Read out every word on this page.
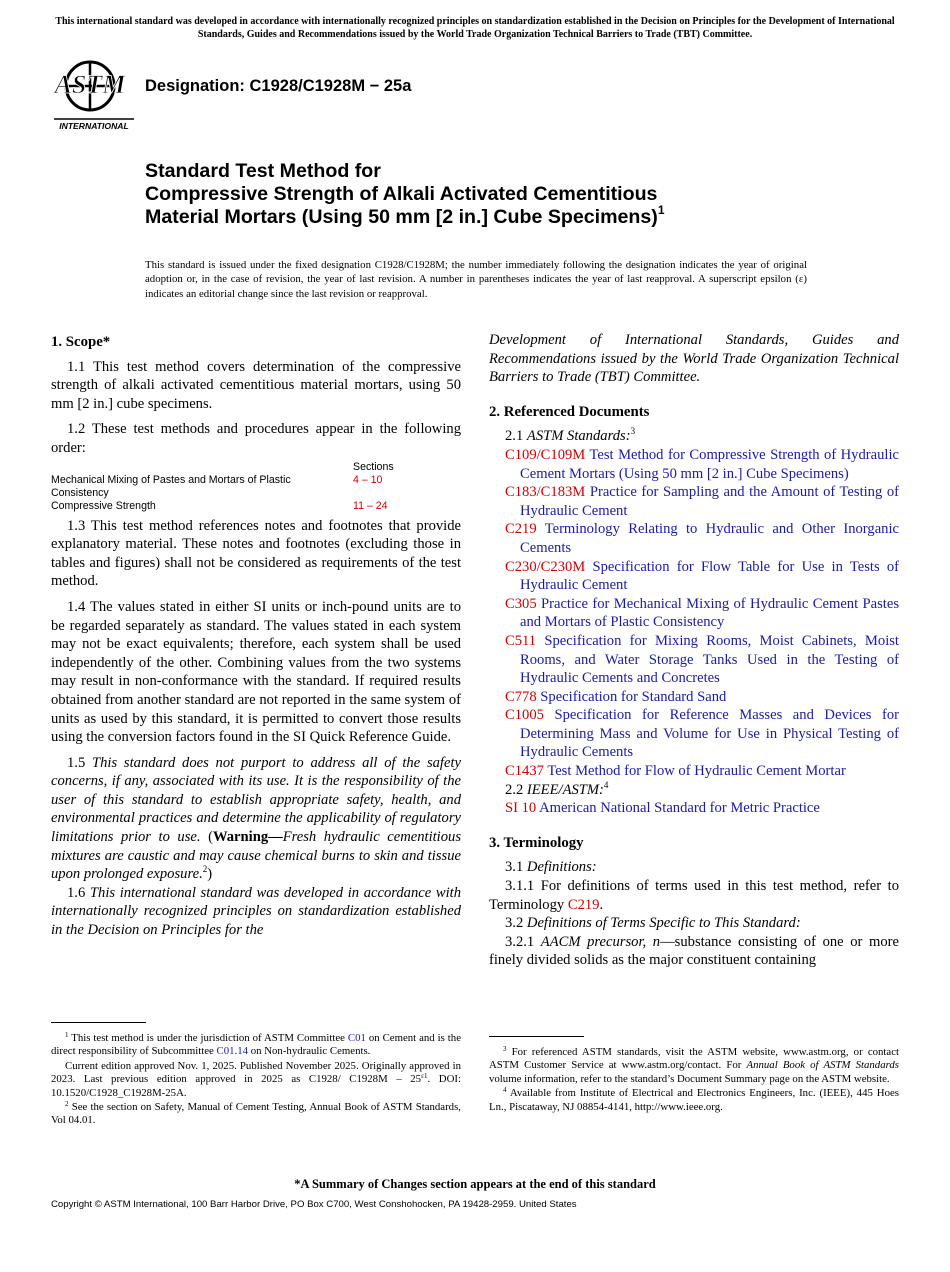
This international standard was developed in accordance with internationally recognized principles on standardization established in the Decision on Principles for the Development of International Standards, Guides and Recommendations issued by the World Trade Organization Technical Barriers to Trade (TBT) Committee.
ASTM
INTERNATIONAL
Designation: C1928/C1928M − 25a
Standard Test Method for
Compressive Strength of Alkali Activated Cementitious
Material Mortars (Using 50 mm [2 in.] Cube Specimens)$^1$
This standard is issued under the fixed designation C1928/C1928M; the number immediately following the designation indicates the year of original adoption or, in the case of revision, the year of last revision. A number in parentheses indicates the year of last reapproval. A superscript epsilon (ε) indicates an editorial change since the last revision or reapproval.

1. Scope*

1.1 This test method covers determination of the compressive strength of alkali activated cementitious material mortars, using 50 mm [2 in.] cube specimens.

1.2 These test methods and procedures appear in the following order:

	Sections
Mechanical Mixing of Pastes and Mortars of Plastic Consistency	4 – 10
Compressive Strength	11 – 24

1.3 This test method references notes and footnotes that provide explanatory material. These notes and footnotes (excluding those in tables and figures) shall not be considered as requirements of the test method.

1.4 The values stated in either SI units or inch-pound units are to be regarded separately as standard. The values stated in each system may not be exact equivalents; therefore, each system shall be used independently of the other. Combining values from the two systems may result in non-conformance with the standard. If required results obtained from another standard are not reported in the same system of units as used by this standard, it is permitted to convert those results using the conversion factors found in the SI Quick Reference Guide.

1.5 This standard does not purport to address all of the safety concerns, if any, associated with its use. It is the responsibility of the user of this standard to establish appropriate safety, health, and environmental practices and determine the applicability of regulatory limitations prior to use. (Warning—Fresh hydraulic cementitious mixtures are caustic and may cause chemical burns to skin and tissue upon prolonged exposure.$^2$)

1.6 This international standard was developed in accordance with internationally recognized principles on standardization established in the Decision on Principles for the

Development of International Standards, Guides and Recommendations issued by the World Trade Organization Technical Barriers to Trade (TBT) Committee.

2. Referenced Documents

2.1 ASTM Standards:$^3$

C109/C109M Test Method for Compressive Strength of Hydraulic Cement Mortars (Using 50 mm [2 in.] Cube Specimens)

C183/C183M Practice for Sampling and the Amount of Testing of Hydraulic Cement

C219 Terminology Relating to Hydraulic and Other Inorganic Cements

C230/C230M Specification for Flow Table for Use in Tests of Hydraulic Cement

C305 Practice for Mechanical Mixing of Hydraulic Cement Pastes and Mortars of Plastic Consistency

C511 Specification for Mixing Rooms, Moist Cabinets, Moist Rooms, and Water Storage Tanks Used in the Testing of Hydraulic Cements and Concretes

C778 Specification for Standard Sand

C1005 Specification for Reference Masses and Devices for Determining Mass and Volume for Use in Physical Testing of Hydraulic Cements

C1437 Test Method for Flow of Hydraulic Cement Mortar

2.2 IEEE/ASTM:$^4$

SI 10 American National Standard for Metric Practice

3. Terminology

3.1 Definitions:

3.1.1 For definitions of terms used in this test method, refer to Terminology C219.

3.2 Definitions of Terms Specific to This Standard:

3.2.1 AACM precursor, n—substance consisting of one or more finely divided solids as the major constituent containing

$^1$ This test method is under the jurisdiction of ASTM Committee C01 on Cement and is the direct responsibility of Subcommittee C01.14 on Non-hydraulic Cements.

Current edition approved Nov. 1, 2025. Published November 2025. Originally approved in 2023. Last previous edition approved in 2025 as C1928/ $C1928M - 25^{\varepsilon 1}$. DOI: 10.1520/C1928_C1928M-25A.

$^2$ See the section on Safety, Manual of Cement Testing, Annual Book of ASTM Standards, Vol 04.01.

$^3$ For referenced ASTM standards, visit the ASTM website, www.astm.org, or contact ASTM Customer Service at www.astm.org/contact. For Annual Book of ASTM Standards volume information, refer to the standard’s Document Summary page on the ASTM website.

$^4$ Available from Institute of Electrical and Electronics Engineers, Inc. (IEEE), 445 Hoes Ln., Piscataway, NJ 08854-4141, http://www.ieee.org.

*A Summary of Changes section appears at the end of this standard
Copyright © ASTM International, 100 Barr Harbor Drive, PO Box C700, West Conshohocken, PA 19428-2959. United States
